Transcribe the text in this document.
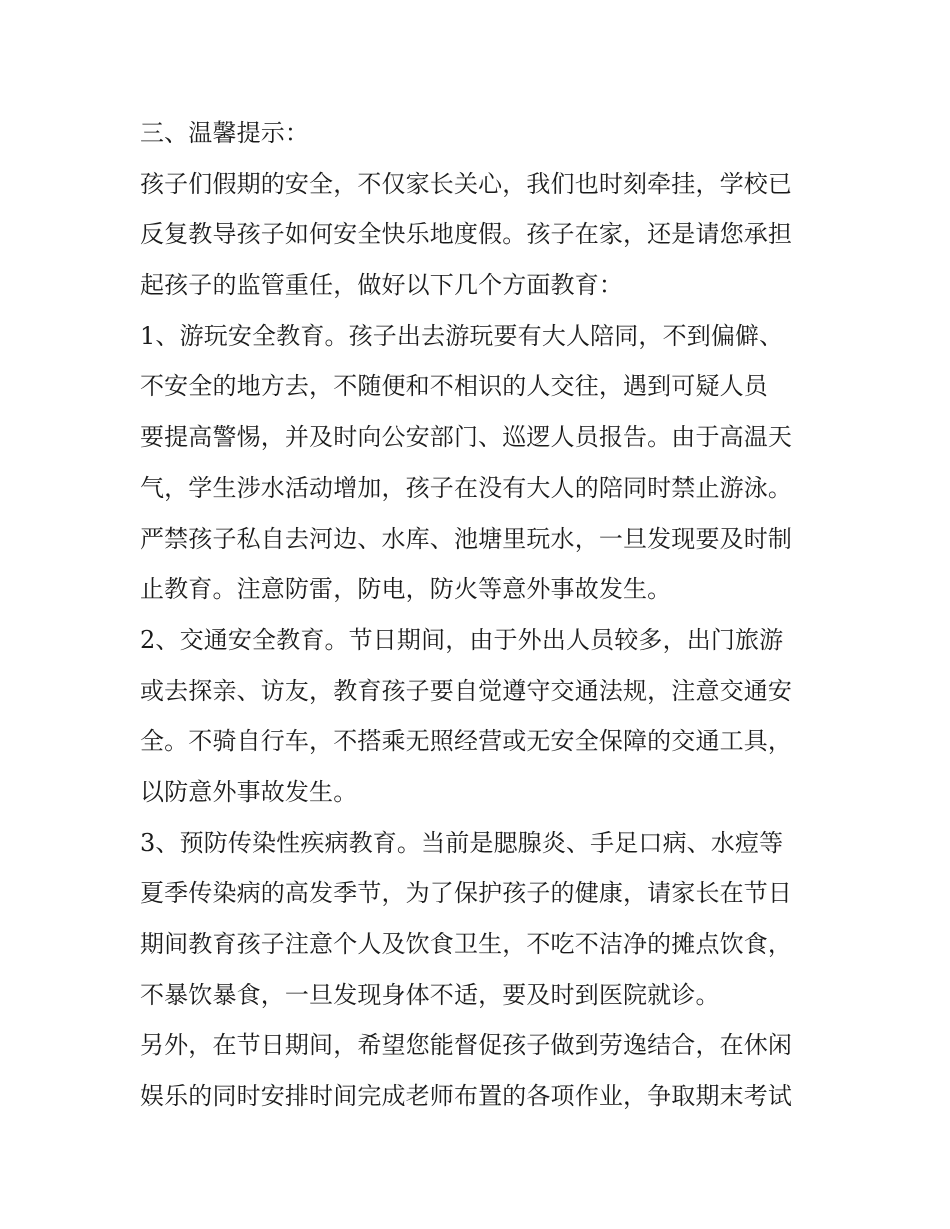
三、温馨提示：
孩子们假期的安全，不仅家长关心，我们也时刻牵挂，学校已
反复教导孩子如何安全快乐地度假。孩子在家，还是请您承担
起孩子的监管重任，做好以下几个方面教育：
1、游玩安全教育。孩子出去游玩要有大人陪同，不到偏僻、
不安全的地方去，不随便和不相识的人交往，遇到可疑人员
要提高警惕，并及时向公安部门、巡逻人员报告。由于高温天
气，学生涉水活动增加，孩子在没有大人的陪同时禁止游泳。
严禁孩子私自去河边、水库、池塘里玩水，一旦发现要及时制
止教育。注意防雷，防电，防火等意外事故发生。
2、交通安全教育。节日期间，由于外出人员较多，出门旅游
或去探亲、访友，教育孩子要自觉遵守交通法规，注意交通安
全。不骑自行车，不搭乘无照经营或无安全保障的交通工具，
以防意外事故发生。
3、预防传染性疾病教育。当前是腮腺炎、手足口病、水痘等
夏季传染病的高发季节，为了保护孩子的健康，请家长在节日
期间教育孩子注意个人及饮食卫生，不吃不洁净的摊点饮食，
不暴饮暴食，一旦发现身体不适，要及时到医院就诊。
另外，在节日期间，希望您能督促孩子做到劳逸结合，在休闲
娱乐的同时安排时间完成老师布置的各项作业，争取期末考试
